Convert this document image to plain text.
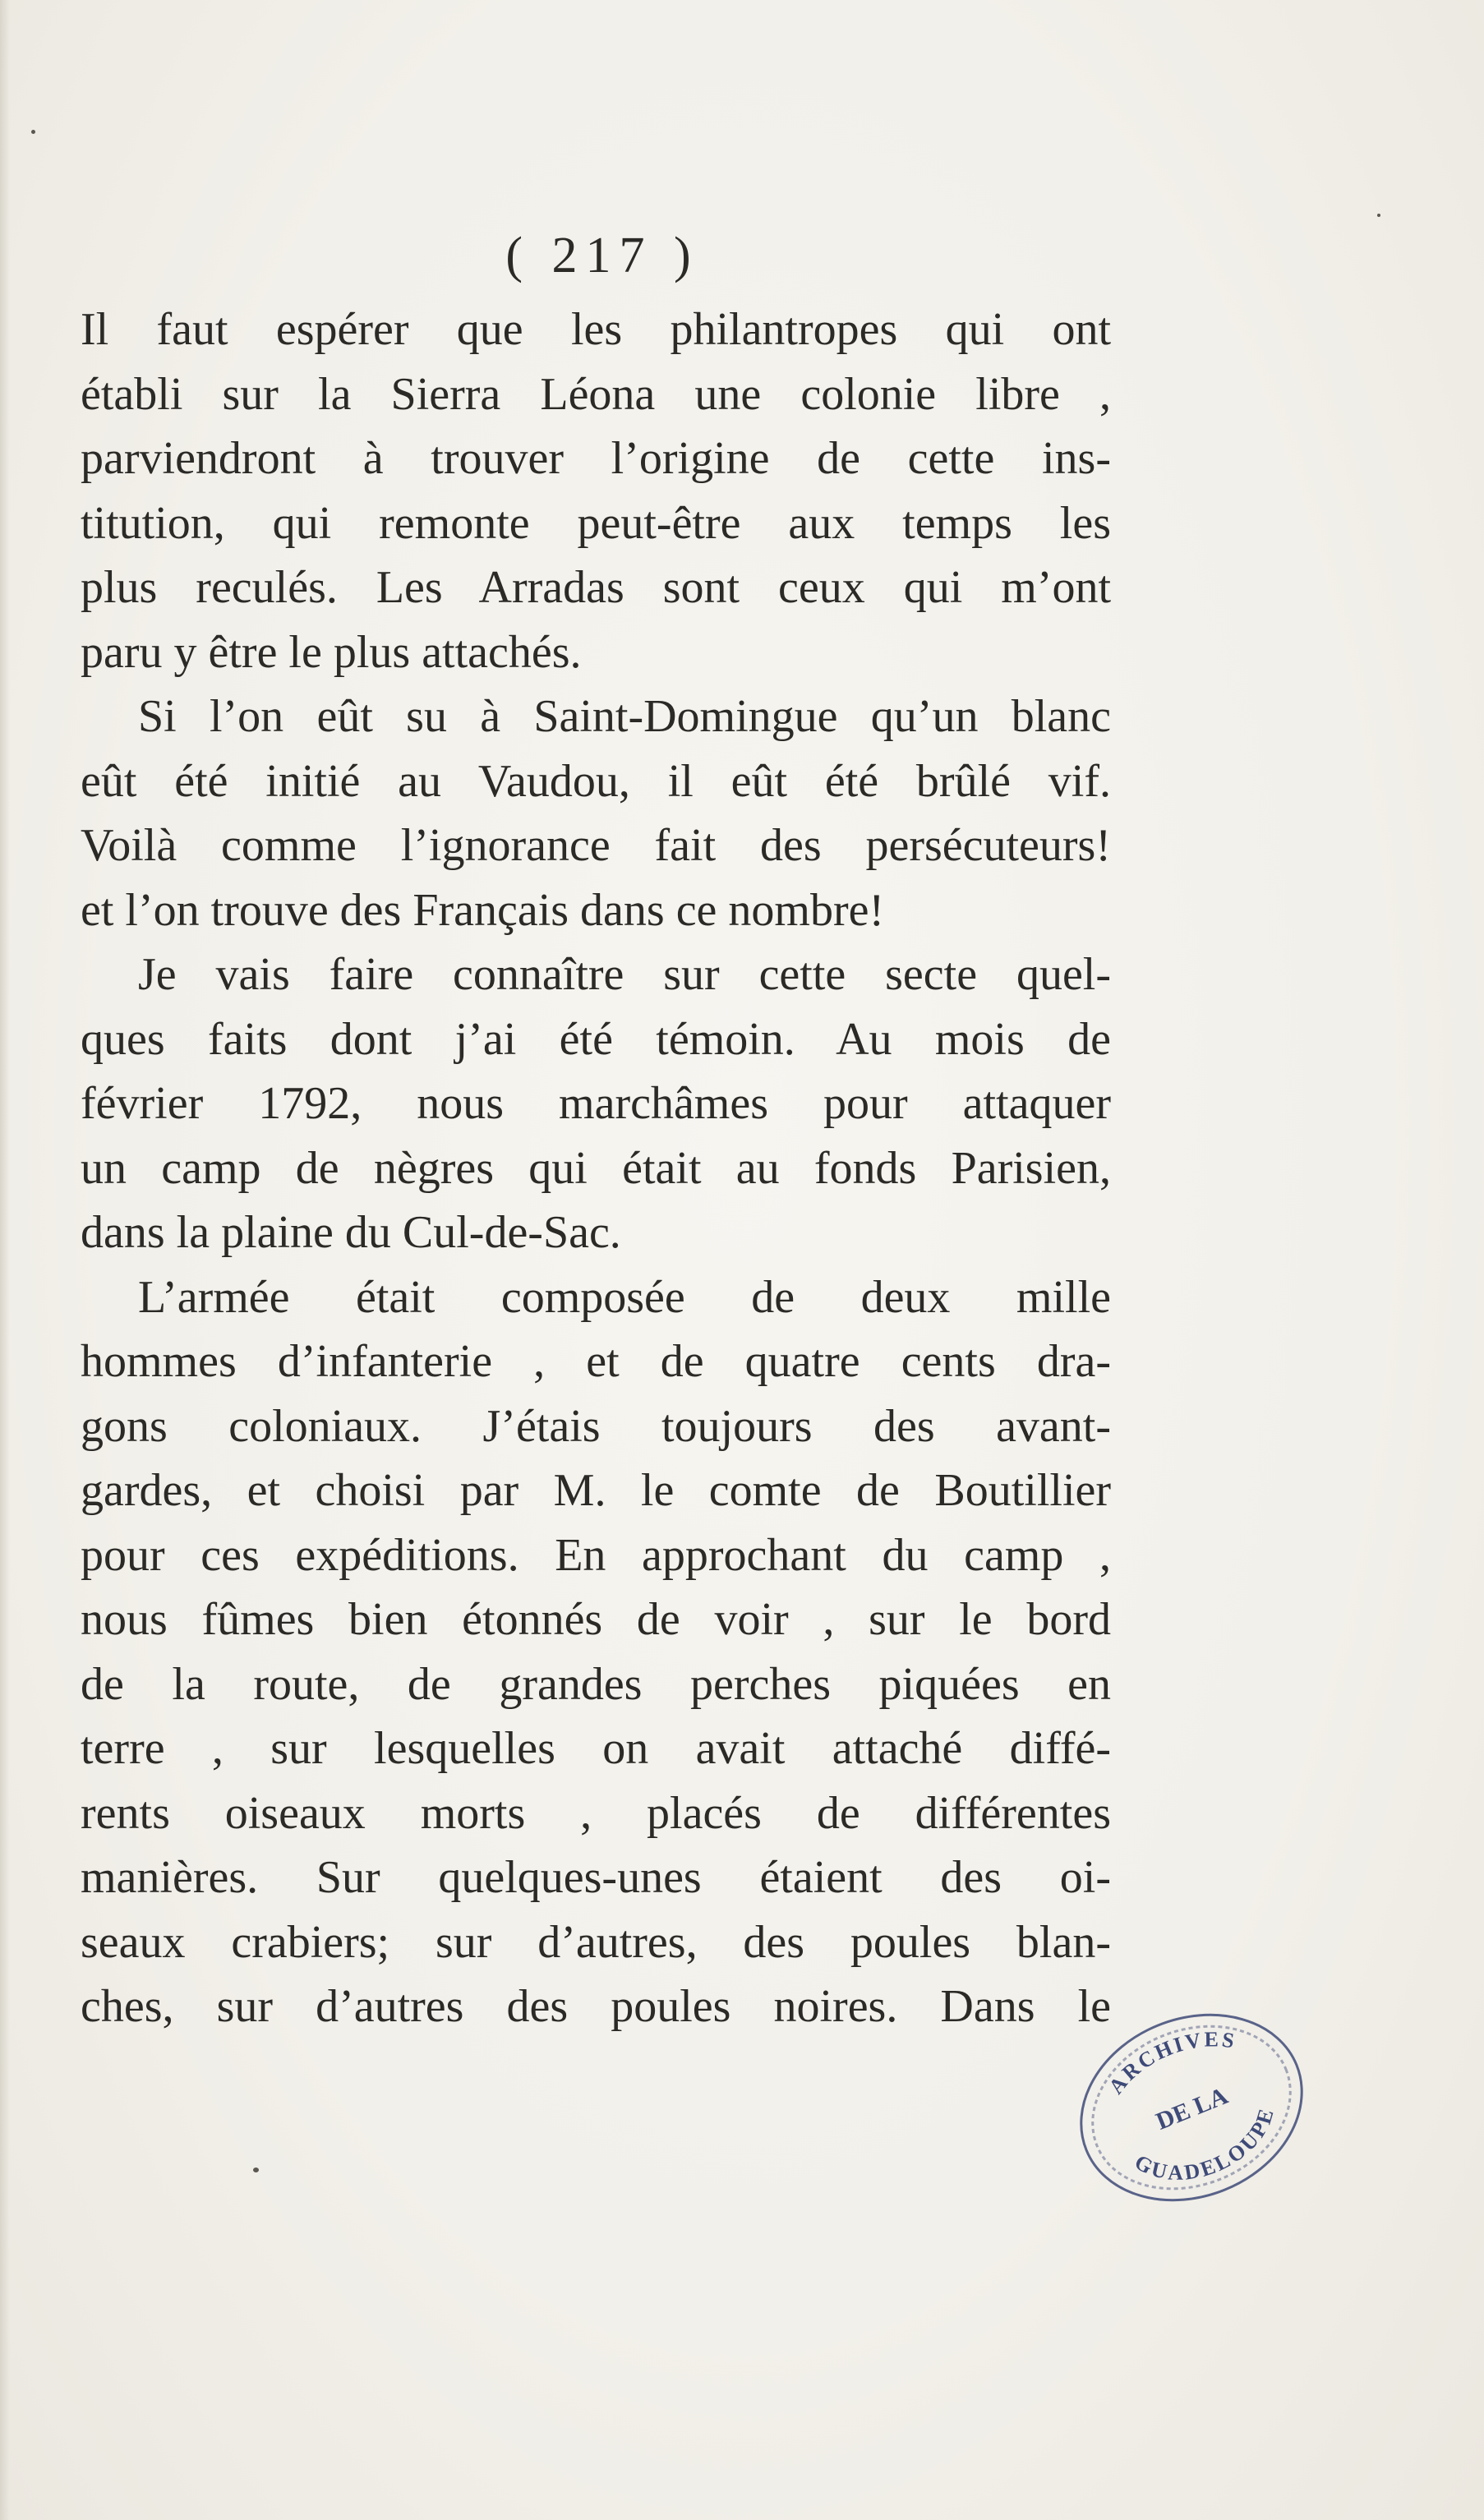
( 217 )
Il faut espérer que les philantropes qui ont
établi sur la Sierra Léona une colonie libre ,
parviendront à trouver l’origine de cette ins-
titution, qui remonte peut-être aux temps les
plus reculés. Les Arradas sont ceux qui m’ont
paru y être le plus attachés.
Si l’on eût su à Saint-Domingue qu’un blanc
eût été initié au Vaudou, il eût été brûlé vif.
Voilà comme l’ignorance fait des persécuteurs!
et l’on trouve des Français dans ce nombre!
Je vais faire connaître sur cette secte quel-
ques faits dont j’ai été témoin. Au mois de
février 1792, nous marchâmes pour attaquer
un camp de nègres qui était au fonds Parisien,
dans la plaine du Cul-de-Sac.
L’armée était composée de deux mille
hommes d’infanterie , et de quatre cents dra-
gons coloniaux. J’étais toujours des avant-
gardes, et choisi par M. le comte de Boutillier
pour ces expéditions. En approchant du camp ,
nous fûmes bien étonnés de voir , sur le bord
de la route, de grandes perches piquées en
terre , sur lesquelles on avait attaché diffé-
rents oiseaux morts , placés de différentes
manières. Sur quelques-unes étaient des oi-
seaux crabiers; sur d’autres, des poules blan-
ches, sur d’autres des poules noires. Dans le
ARCHIVES
GUADELOUPE
DE LA
